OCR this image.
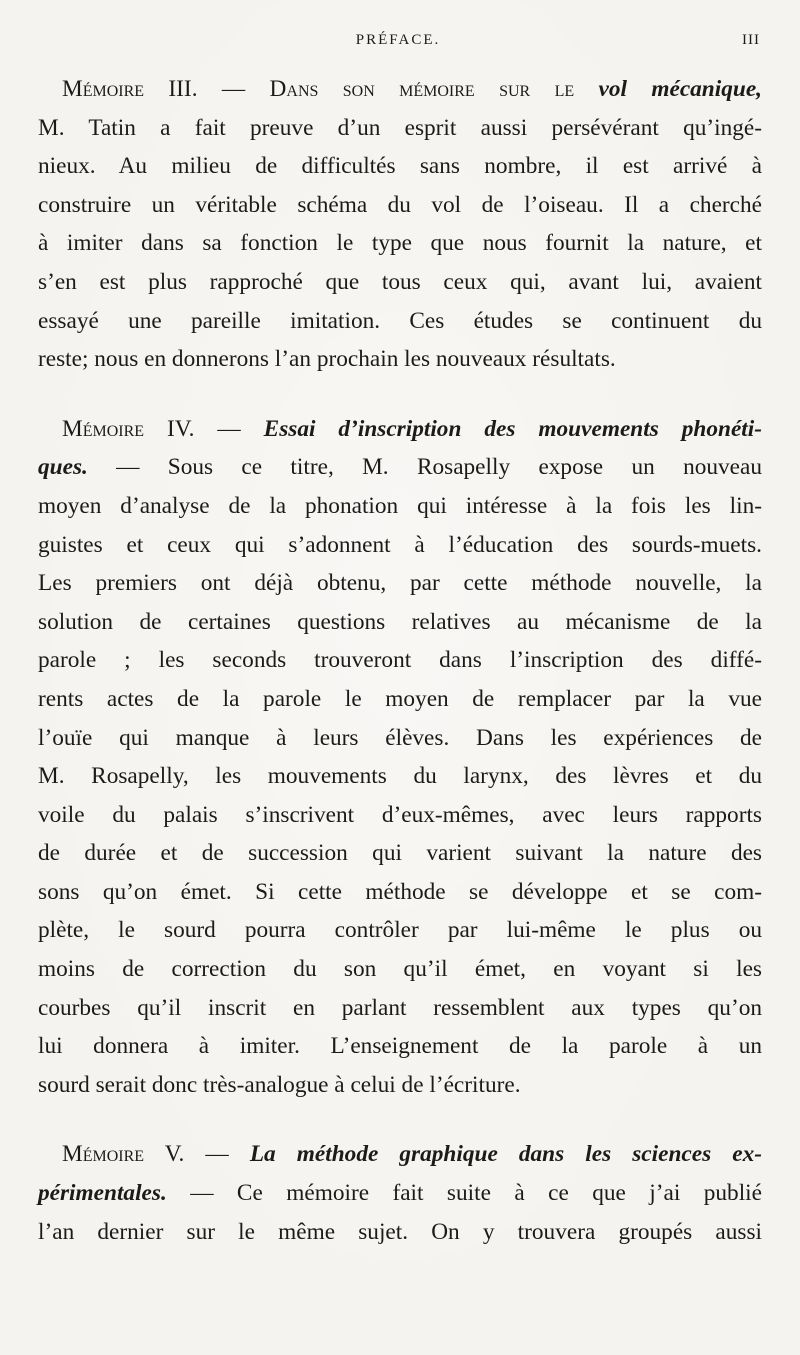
PRÉFACE.	III
Mémoire III. — Dans son mémoire sur le vol mécanique,
M. Tatin a fait preuve d’un esprit aussi persévérant qu’ingé-
nieux. Au milieu de difficultés sans nombre, il est arrivé à
construire un véritable schéma du vol de l’oiseau. Il a cherché
à imiter dans sa fonction le type que nous fournit la nature, et
s’en est plus rapproché que tous ceux qui, avant lui, avaient
essayé une pareille imitation. Ces études se continuent du
reste; nous en donnerons l’an prochain les nouveaux résultats.
Mémoire IV. — Essai d’inscription des mouvements phonéti-
ques. — Sous ce titre, M. Rosapelly expose un nouveau
moyen d’analyse de la phonation qui intéresse à la fois les lin-
guistes et ceux qui s’adonnent à l’éducation des sourds-muets.
Les premiers ont déjà obtenu, par cette méthode nouvelle, la
solution de certaines questions relatives au mécanisme de la
parole ; les seconds trouveront dans l’inscription des diffé-
rents actes de la parole le moyen de remplacer par la vue
l’ouïe qui manque à leurs élèves. Dans les expériences de
M. Rosapelly, les mouvements du larynx, des lèvres et du
voile du palais s’inscrivent d’eux-mêmes, avec leurs rapports
de durée et de succession qui varient suivant la nature des
sons qu’on émet. Si cette méthode se développe et se com-
plète, le sourd pourra contrôler par lui-même le plus ou
moins de correction du son qu’il émet, en voyant si les
courbes qu’il inscrit en parlant ressemblent aux types qu’on
lui donnera à imiter. L’enseignement de la parole à un
sourd serait donc très-analogue à celui de l’écriture.
Mémoire V. — La méthode graphique dans les sciences ex-
périmentales. — Ce mémoire fait suite à ce que j’ai publié
l’an dernier sur le même sujet. On y trouvera groupés aussi
